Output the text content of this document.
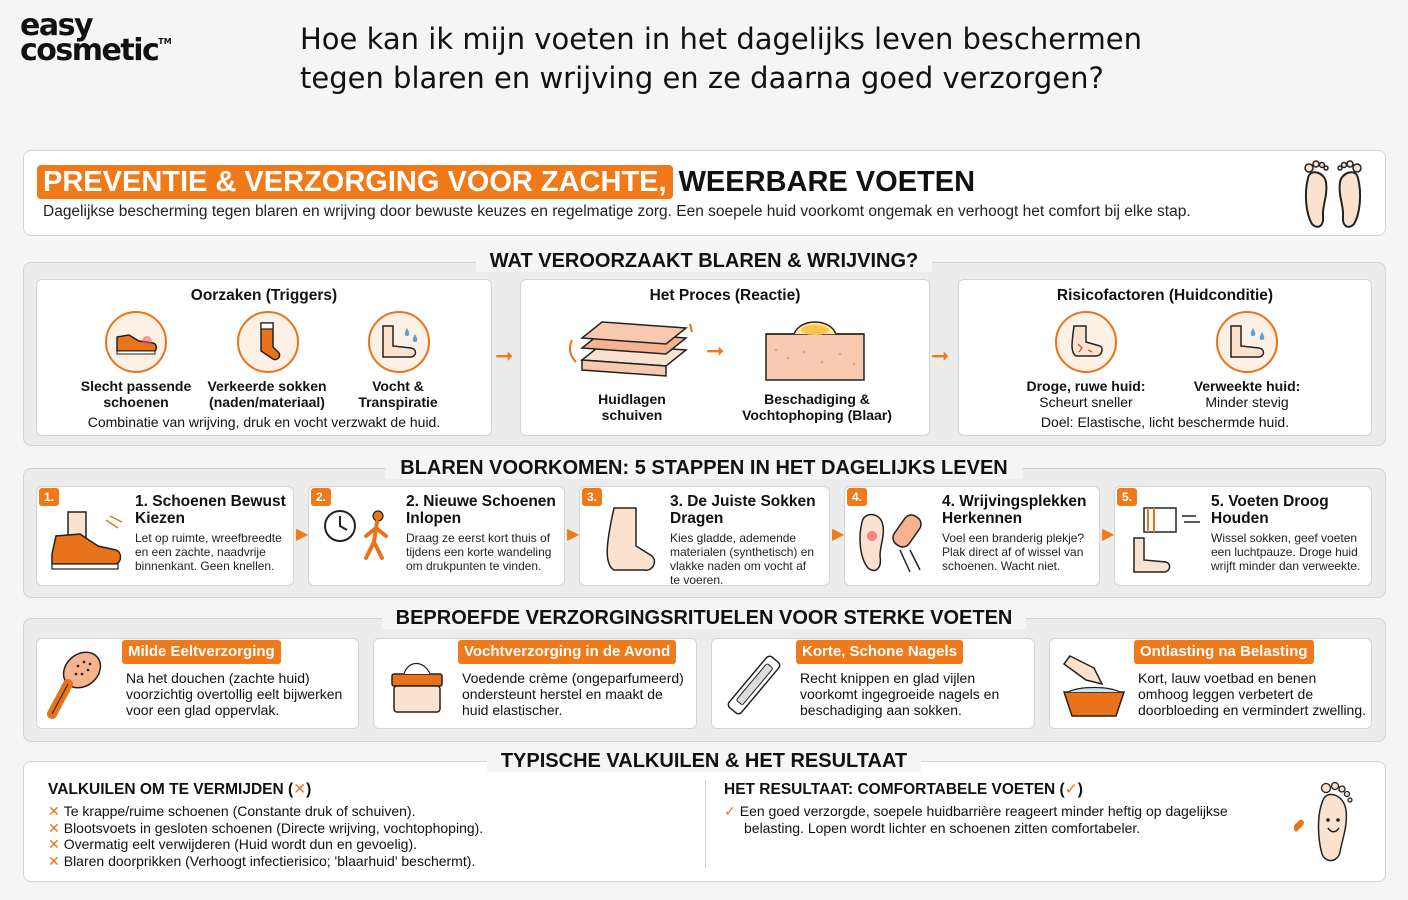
easy
cosmetic™	Hoe kan ik mijn voeten in het dagelijks leven beschermen
tegen blaren en wrijving en ze daarna goed verzorgen?
PREVENTIE & VERZORGING VOOR ZACHTE, WEERBARE VOETEN
Dagelijkse bescherming tegen blaren en wrijving door bewuste keuzes en regelmatige zorg. Een soepele huid voorkomt ongemak en verhoogt het comfort bij elke stap.
WAT VEROORZAAKT BLAREN & WRIJVING?
Oorzaken (Triggers)
Slecht passende
schoenen
Verkeerde sokken
(naden/materiaal)
Vocht &
Transpiratie
Combinatie van wrijving, druk en vocht verzwakt de huid.
➞
Het Proces (Reactie)
➞
Huidlagen
schuiven
Beschadiging &
Vochtophoping (Blaar)
➞
Risicofactoren (Huidconditie)
Droge, ruwe huid:
Scheurt sneller
Verweekte huid:
Minder stevig
Doel: Elastische, licht beschermde huid.
BLAREN VOORKOMEN: 5 STAPPEN IN HET DAGELIJKS LEVEN
1.	2.	3.	4.	5.
▶	▶	▶	▶
1. Schoenen Bewust
Kiezen
Let op ruimte, wreefbreedte
en een zachte, naadvrije
binnenkant. Geen knellen.
2. Nieuwe Schoenen
Inlopen
Draag ze eerst kort thuis of
tijdens een korte wandeling
om drukpunten te vinden.
3. De Juiste Sokken
Dragen
Kies gladde, ademende
materialen (synthetisch) en
vlakke naden om vocht af
te voeren.
4. Wrijvingsplekken
Herkennen
Voel een branderig plekje?
Plak direct af of wissel van
schoenen. Wacht niet.
5. Voeten Droog
Houden
Wissel sokken, geef voeten
een luchtpauze. Droge huid
wrijft minder dan verweekte.
BEPROEFDE VERZORGINGSRITUELEN VOOR STERKE VOETEN
Milde Eeltverzorging	Vochtverzorging in de Avond	Korte, Schone Nagels	Ontlasting na Belasting
Na het douchen (zachte huid)
voorzichtig overtollig eelt bijwerken
voor een glad oppervlak.
Voedende crème (ongeparfumeerd)
ondersteunt herstel en maakt de
huid elastischer.
Recht knippen en glad vijlen
voorkomt ingegroeide nagels en
beschadiging aan sokken.
Kort, lauw voetbad en benen
omhoog leggen verbetert de
doorbloeding en vermindert zwelling.
TYPISCHE VALKUILEN & HET RESULTAAT
VALKUILEN OM TE VERMIJDEN (✕)
✕ Te krappe/ruime schoenen (Constante druk of schuiven).
✕ Blootsvoets in gesloten schoenen (Directe wrijving, vochtophoping).
✕ Overmatig eelt verwijderen (Huid wordt dun en gevoelig).
✕ Blaren doorprikken (Verhoogt infectierisico; 'blaarhuid' beschermt).
HET RESULTAAT: COMFORTABELE VOETEN (✓)
✓ Een goed verzorgde, soepele huidbarrière reageert minder heftig op dagelijkse
belasting. Lopen wordt lichter en schoenen zitten comfortabeler.
